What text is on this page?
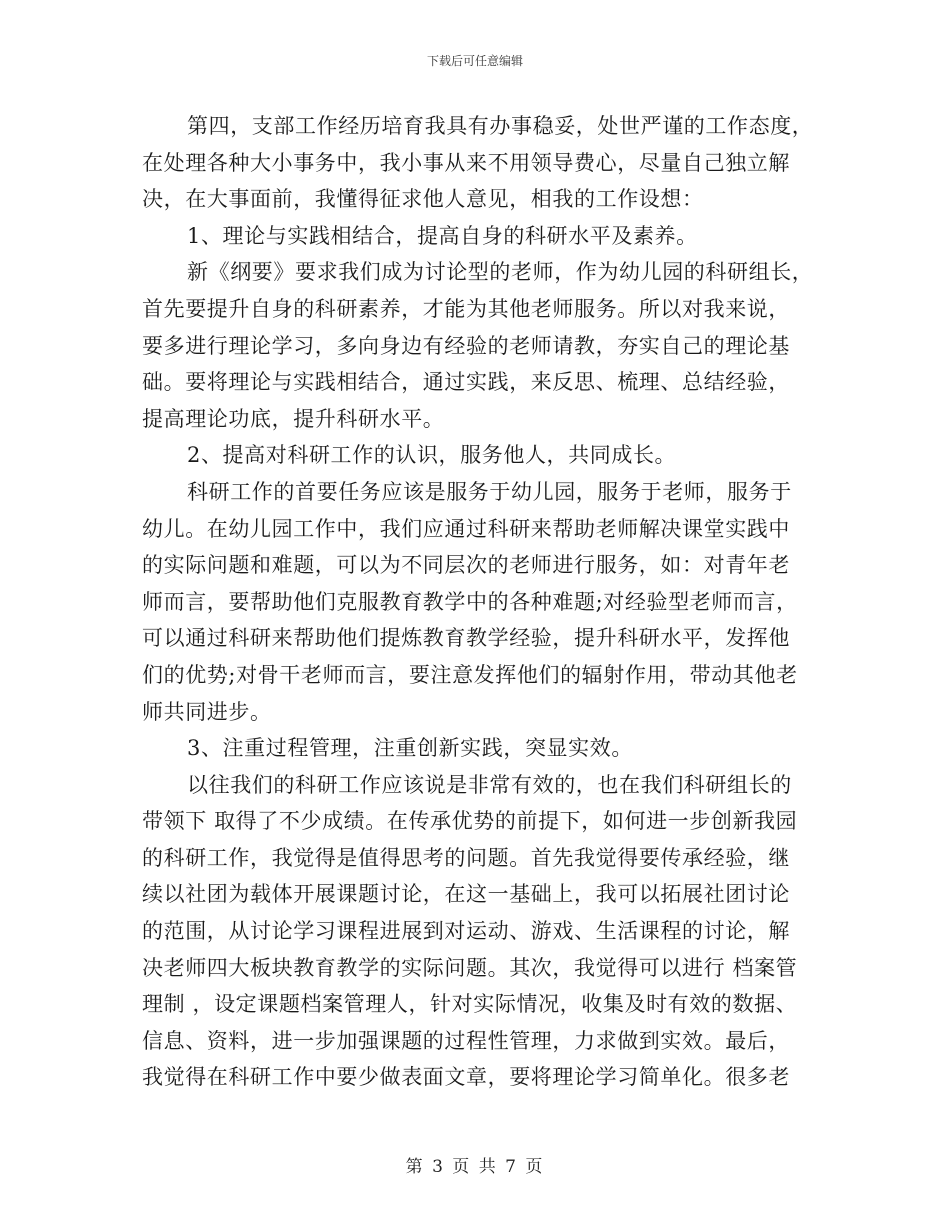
下载后可任意编辑
第四，支部工作经历培育我具有办事稳妥，处世严谨的工作态度，
在处理各种大小事务中，我小事从来不用领导费心，尽量自己独立解
决，在大事面前，我懂得征求他人意见，相我的工作设想：
1、理论与实践相结合，提高自身的科研水平及素养。
新《纲要》要求我们成为讨论型的老师，作为幼儿园的科研组长，
首先要提升自身的科研素养，才能为其他老师服务。所以对我来说，
要多进行理论学习，多向身边有经验的老师请教，夯实自己的理论基
础。要将理论与实践相结合，通过实践，来反思、梳理、总结经验，
提高理论功底，提升科研水平。
2、提高对科研工作的认识，服务他人，共同成长。
科研工作的首要任务应该是服务于幼儿园，服务于老师，服务于
幼儿。在幼儿园工作中，我们应通过科研来帮助老师解决课堂实践中
的实际问题和难题，可以为不同层次的老师进行服务，如：对青年老
师而言，要帮助他们克服教育教学中的各种难题;对经验型老师而言，
可以通过科研来帮助他们提炼教育教学经验，提升科研水平，发挥他
们的优势;对骨干老师而言，要注意发挥他们的辐射作用，带动其他老
师共同进步。
3、注重过程管理，注重创新实践，突显实效。
以往我们的科研工作应该说是非常有效的，也在我们科研组长的
带领下 取得了不少成绩。在传承优势的前提下，如何进一步创新我园
的科研工作，我觉得是值得思考的问题。首先我觉得要传承经验，继
续以社团为载体开展课题讨论，在这一基础上，我可以拓展社团讨论
的范围，从讨论学习课程进展到对运动、游戏、生活课程的讨论，解
决老师四大板块教育教学的实际问题。其次，我觉得可以进行 档案管
理制 ，设定课题档案管理人，针对实际情况，收集及时有效的数据、
信息、资料，进一步加强课题的过程性管理，力求做到实效。最后，
我觉得在科研工作中要少做表面文章，要将理论学习简单化。很多老
第 3 页 共 7 页
